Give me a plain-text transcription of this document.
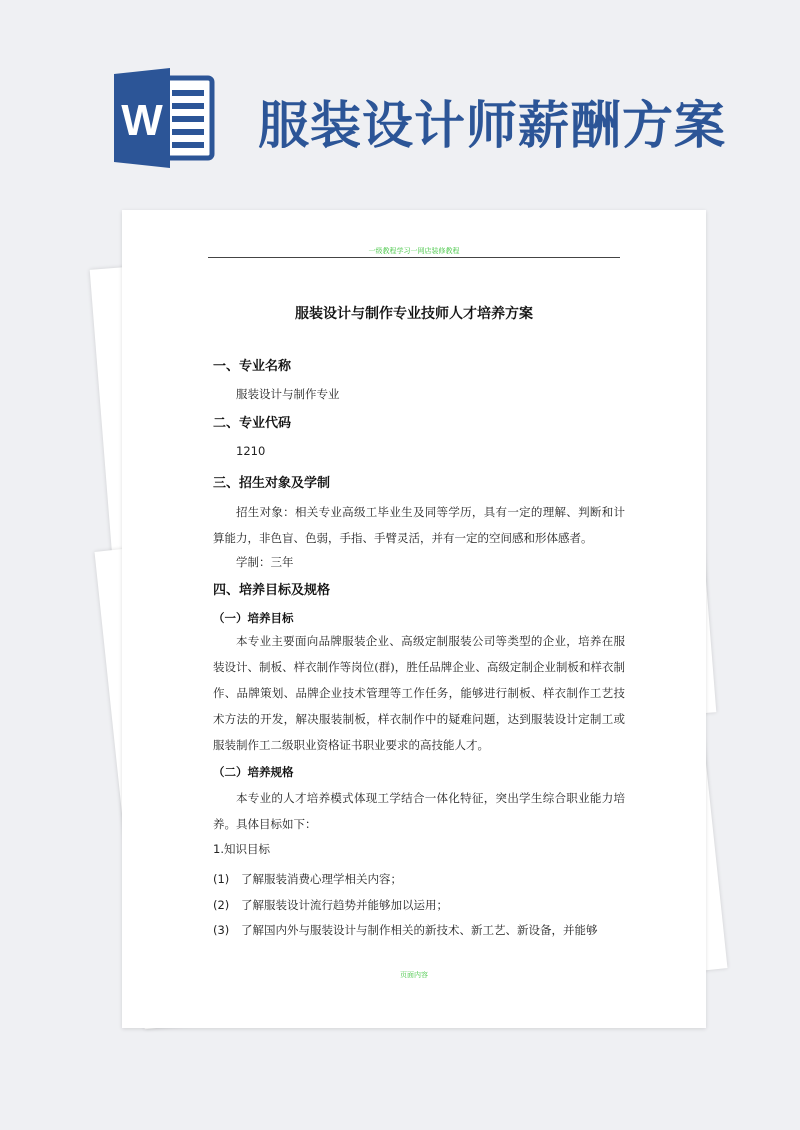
W 服装设计师薪酬方案
一级教程学习一网店装修教程
服装设计与制作专业技师人才培养方案
一、专业名称
服装设计与制作专业
二、专业代码
1210
三、招生对象及学制
招生对象：相关专业高级工毕业生及同等学历，具有一定的理解、判断和计算能力，非色盲、色弱，手指、手臂灵活，并有一定的空间感和形体感者。
学制：三年
四、培养目标及规格
（一）培养目标
本专业主要面向品牌服装企业、高级定制服装公司等类型的企业，培养在服装设计、制板、样衣制作等岗位(群)，胜任品牌企业、高级定制企业制板和样衣制作、品牌策划、品牌企业技术管理等工作任务，能够进行制板、样衣制作工艺技术方法的开发，解决服装制板，样衣制作中的疑难问题，达到服装设计定制工或服装制作工二级职业资格证书职业要求的高技能人才。
（二）培养规格
本专业的人才培养模式体现工学结合一体化特征，突出学生综合职业能力培养。具体目标如下：
1.知识目标
(1) 了解服装消费心理学相关内容；
(2) 了解服装设计流行趋势并能够加以运用；
(3) 了解国内外与服装设计与制作相关的新技术、新工艺、新设备，并能够
页面内容
